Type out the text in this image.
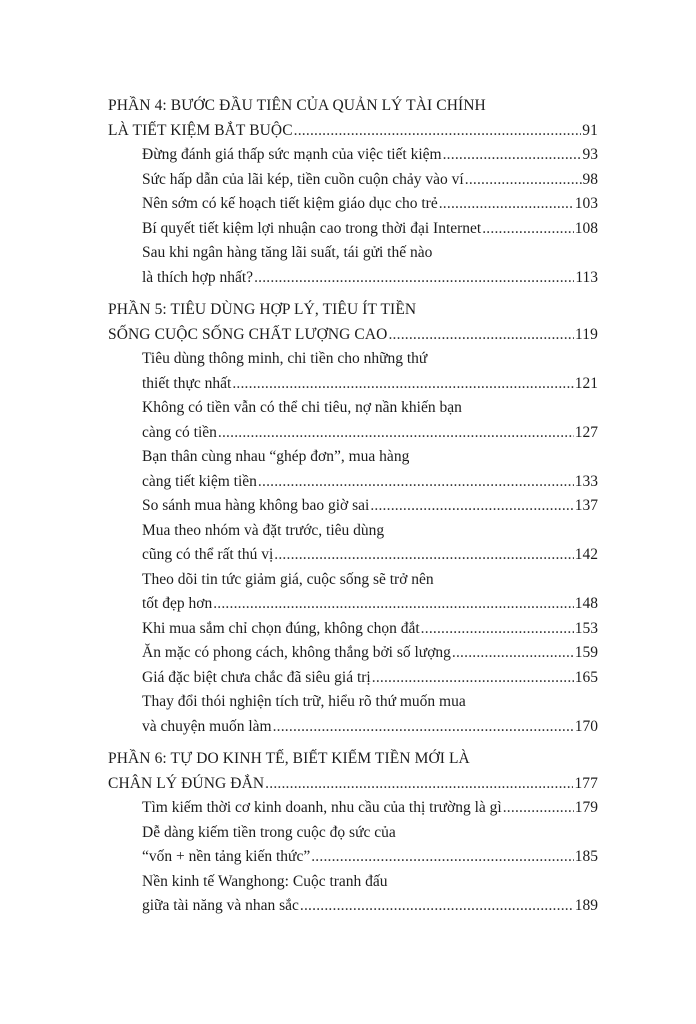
PHẦN 4: BƯỚC ĐẦU TIÊN CỦA QUẢN LÝ TÀI CHÍNH
LÀ TIẾT KIỆM BẮT BUỘC .....	91
Đừng đánh giá thấp sức mạnh của việc tiết kiệm .....	93
Sức hấp dẫn của lãi kép, tiền cuồn cuộn chảy vào ví .....	98
Nên sớm có kế hoạch tiết kiệm giáo dục cho trẻ .....	103
Bí quyết tiết kiệm lợi nhuận cao trong thời đại Internet .....	108
Sau khi ngân hàng tăng lãi suất, tái gửi thế nào
là thích hợp nhất? .....	113
PHẦN 5: TIÊU DÙNG HỢP LÝ, TIÊU ÍT TIỀN
SỐNG CUỘC SỐNG CHẤT LƯỢNG CAO .....	119
Tiêu dùng thông minh, chi tiền cho những thứ
thiết thực nhất .....	121
Không có tiền vẫn có thể chi tiêu, nợ nần khiến bạn
càng có tiền .....	127
Bạn thân cùng nhau “ghép đơn”, mua hàng
càng tiết kiệm tiền .....	133
So sánh mua hàng không bao giờ sai .....	137
Mua theo nhóm và đặt trước, tiêu dùng
cũng có thể rất thú vị .....	142
Theo dõi tin tức giảm giá, cuộc sống sẽ trở nên
tốt đẹp hơn .....	148
Khi mua sắm chỉ chọn đúng, không chọn đắt .....	153
Ăn mặc có phong cách, không thắng bởi số lượng .....	159
Giá đặc biệt chưa chắc đã siêu giá trị .....	165
Thay đổi thói nghiện tích trữ, hiểu rõ thứ muốn mua
và chuyện muốn làm .....	170
PHẦN 6: TỰ DO KINH TẾ, BIẾT KIẾM TIỀN MỚI LÀ
CHÂN LÝ ĐÚNG ĐẮN .....	177
Tìm kiếm thời cơ kinh doanh, nhu cầu của thị trường là gì .....	179
Dễ dàng kiếm tiền trong cuộc đọ sức của
“vốn + nền tảng kiến thức” .....	185
Nền kinh tế Wanghong: Cuộc tranh đấu
giữa tài năng và nhan sắc .....	189
